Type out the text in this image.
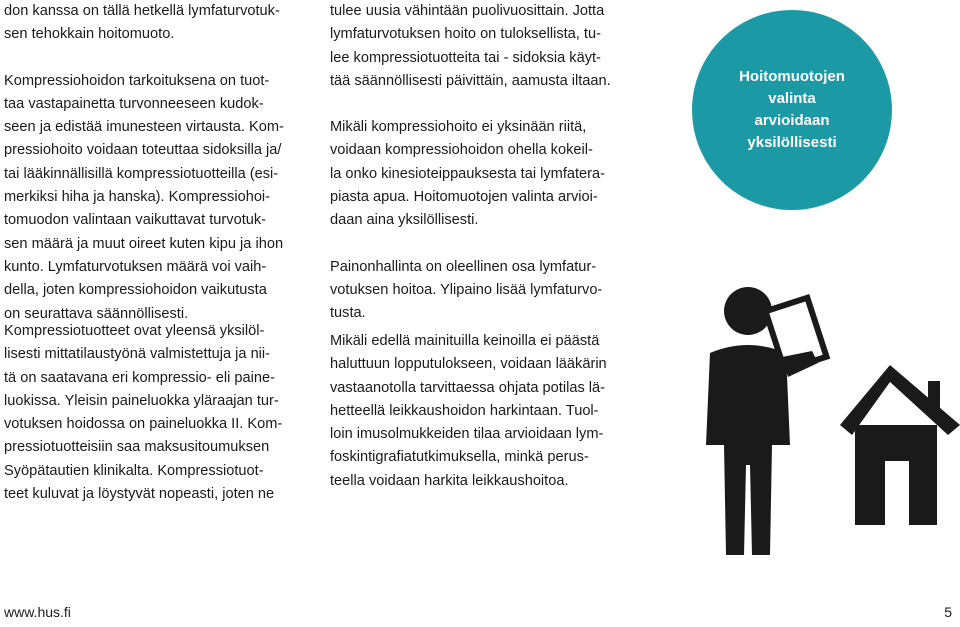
don kanssa on tällä hetkellä lymfaturvotuk-
sen tehokkain hoitomuoto.
Kompressiohoidon tarkoituksena on tuot-
taa vastapainetta turvonneeseen kudok-
seen ja edistää imunesteen virtausta. Kom-
pressiohoito voidaan toteuttaa sidoksilla ja/
tai lääkinnällisillä kompressiotuotteilla (esi-
merkiksi hiha ja hanska). Kompressiohoi-
tomuodon valintaan vaikuttavat turvotuk-
sen määrä ja muut oireet kuten kipu ja ihon
kunto. Lymfaturvotuksen määrä voi vaih-
della, joten kompressiohoidon vaikutusta
on seurattava säännöllisesti.
Kompressiotuotteet ovat yleensä yksilöl-
lisesti mittatilaustyönä valmistettuja ja nii-
tä on saatavana eri kompressio- eli paine-
luokissa. Yleisin paineluokka yläraajan tur-
votuksen hoidossa on paineluokka II. Kom-
pressiotuotteisiin saa maksusitoumuksen
Syöpätautien klinikalta. Kompressiotuot-
teet kuluvat ja löystyvät nopeasti, joten ne
tulee uusia vähintään puolivuosittain. Jotta
lymfaturvotuksen hoito on tuloksellista, tu-
lee kompressiotuotteita tai - sidoksia käyt-
tää säännöllisesti päivittäin, aamusta iltaan.
Mikäli kompressiohoito ei yksinään riitä,
voidaan kompressiohoidon ohella kokeil-
la onko kinesioteippauksesta tai lymfatera-
piasta apua. Hoitomuotojen valinta arvioi-
daan aina yksilöllisesti.
Painonhallinta on oleellinen osa lymfatur-
votuksen hoitoa. Ylipaino lisää lymfaturvo-
tusta.
Mikäli edellä mainituilla keinoilla ei päästä
haluttuun lopputulokseen, voidaan lääkärin
vastaanotolla tarvittaessa ohjata potilas lä-
hetteellä leikkaushoidon harkintaan. Tuol-
loin imusolmukkeiden tilaa arvioidaan lym-
foskintigrafiatutkimuksella, minkä perus-
teella voidaan harkita leikkaushoitoa.
Hoitomuotojen
valinta
arvioidaan
yksilöllisesti
www.hus.fi	5
